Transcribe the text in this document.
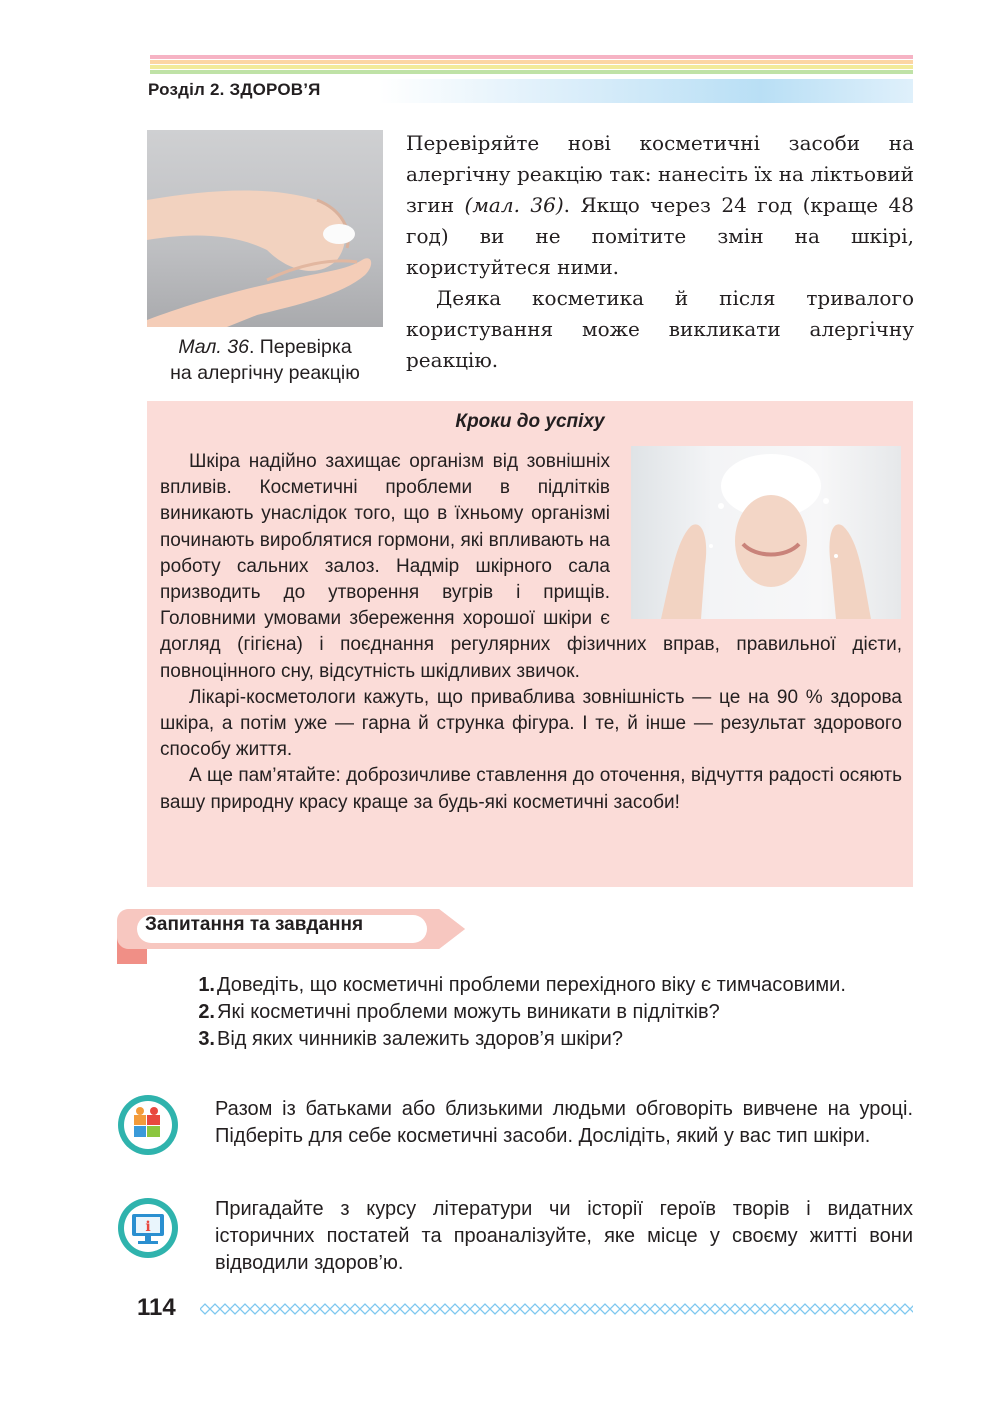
Розділ 2. ЗДОРОВ’Я
Мал. 36. Перевірка
на алергічну реакцію

Перевіряйте нові косметичні засоби на алергічну реакцію так: нанесіть їх на ліктьовий згин (мал. 36). Якщо через 24 год (краще 48 год) ви не помітите змін на шкірі, користуйтеся ними.

Деяка косметика й після тривалого користування може викликати алергічну реакцію.

Кроки до успіху

Шкіра надійно захищає організм від зовнішніх впливів. Косметичні проблеми в підлітків виникають унаслідок того, що в їхньому організмі починають вироблятися гормони, які впливають на роботу сальних залоз. Надмір шкірного сала призводить до утворення вугрів і прищів. Головними умовами збереження хорошої шкіри є догляд (гігієна) і поєднання регулярних фізичних вправ, правильної дієти, повноцінного сну, відсутність шкідливих звичок.

Лікарі-косметологи кажуть, що приваблива зовнішність — це на 90 % здорова шкіра, а потім уже — гарна й струнка фігура. І те, й інше — результат здорового способу життя.

А ще пам’ятайте: доброзичливе ставлення до оточення, відчуття радості осяють вашу природну красу краще за будь-які косметичні засоби!

Запитання та завдання
1. Доведіть, що косметичні проблеми перехідного віку є тимчасовими.
2. Які косметичні проблеми можуть виникати в підлітків?
3. Від яких чинників залежить здоров’я шкіри?

Разом із батьками або близькими людьми обговоріть вивчене на уроці. Підберіть для себе косметичні засоби. Дослідіть, який у вас тип шкіри.

i

Пригадайте з курсу літератури чи історії героїв творів і видатних історичних постатей та проаналізуйте, яке місце у своєму житті вони відводили здоров’ю.

114
